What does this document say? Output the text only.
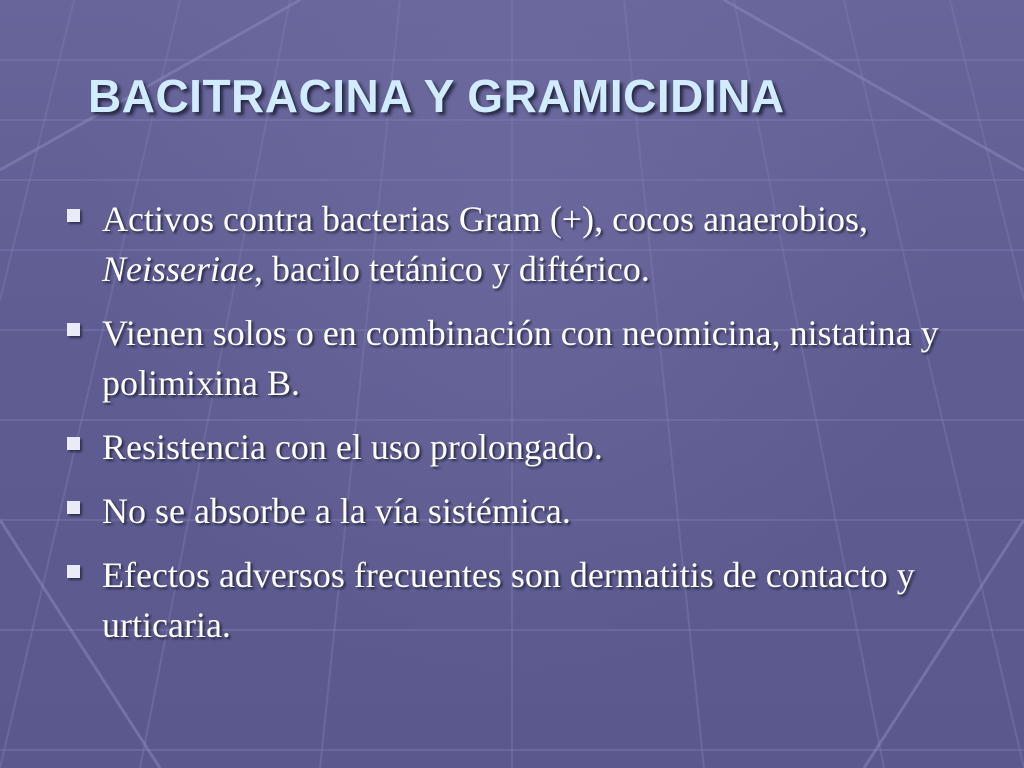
BACITRACINA Y GRAMICIDINA
Activos contra bacterias Gram (+), cocos anaerobios, Neisseriae, bacilo tetánico y diftérico.
Vienen solos o en combinación con neomicina, nistatina y polimixina B.
Resistencia con el uso prolongado.
No se absorbe a la vía sistémica.
Efectos adversos frecuentes son dermatitis de contacto y urticaria.
